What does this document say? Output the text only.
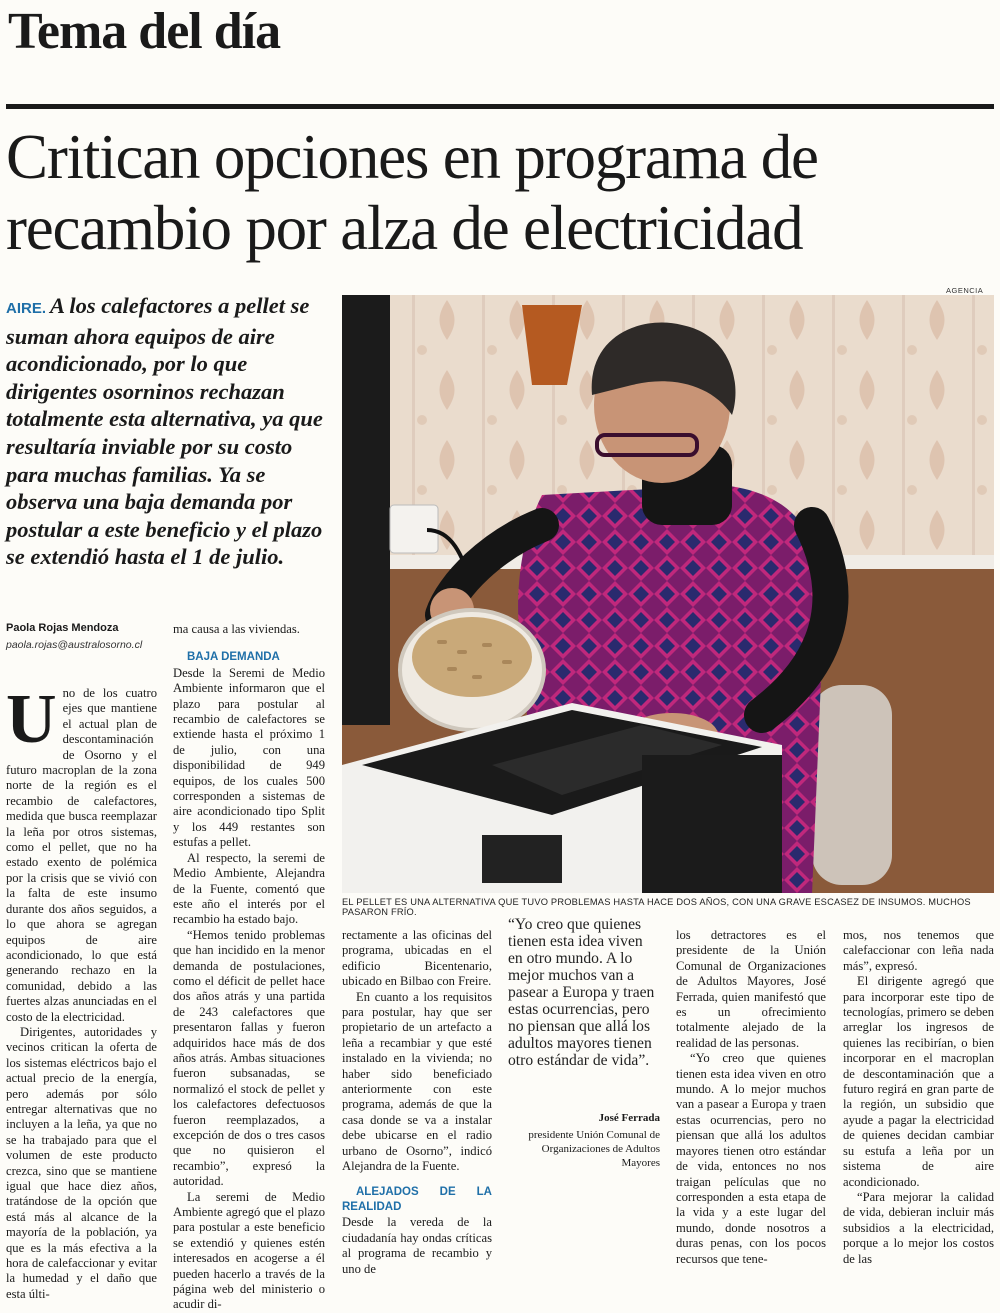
Tema del día
Critican opciones en programa de recambio por alza de electricidad
AIRE. A los calefactores a pellet se suman ahora equipos de aire acondicionado, por lo que dirigentes osorninos rechazan totalmente esta alternativa, ya que resultaría inviable por su costo para muchas familias. Ya se observa una baja demanda por postular a este beneficio y el plazo se extendió hasta el 1 de julio.
Paola Rojas Mendoza
paola.rojas@australosorno.cl

Uno de los cuatro ejes que mantiene el actual plan de descontaminación de Osorno y el futuro macroplan de la zona norte de la región es el recambio de calefactores, medida que busca reemplazar la leña por otros sistemas, como el pellet, que no ha estado exento de polémica por la crisis que se vivió con la falta de este insumo durante dos años seguidos, a lo que ahora se agregan equipos de aire acondicionado, lo que está generando rechazo en la comunidad, debido a las fuertes alzas anunciadas en el costo de la electricidad.

Dirigentes, autoridades y vecinos critican la oferta de los sistemas eléctricos bajo el actual precio de la energía, pero además por sólo entregar alternativas que no incluyen a la leña, ya que no se ha trabajado para que el volumen de este producto crezca, sino que se mantiene igual que hace diez años, tratándose de la opción que está más al alcance de la mayoría de la población, ya que es la más efectiva a la hora de calefaccionar y evitar la humedad y el daño que esta últi-

ma causa a las viviendas.

BAJA DEMANDA

Desde la Seremi de Medio Ambiente informaron que el plazo para postular al recambio de calefactores se extiende hasta el próximo 1 de julio, con una disponibilidad de 949 equipos, de los cuales 500 corresponden a sistemas de aire acondicionado tipo Split y los 449 restantes son estufas a pellet.

Al respecto, la seremi de Medio Ambiente, Alejandra de la Fuente, comentó que este año el interés por el recambio ha estado bajo.

“Hemos tenido problemas que han incidido en la menor demanda de postulaciones, como el déficit de pellet hace dos años atrás y una partida de 243 calefactores que presentaron fallas y fueron adquiridos hace más de dos años atrás. Ambas situaciones fueron subsanadas, se normalizó el stock de pellet y los calefactores defectuosos fueron reemplazados, a excepción de dos o tres casos que no quisieron el recambio”, expresó la autoridad.

La seremi de Medio Ambiente agregó que el plazo para postular a este beneficio se extendió y quienes estén interesados en acogerse a él pueden hacerlo a través de la página web del ministerio o acudir di-

AGENCIA
EL PELLET ES UNA ALTERNATIVA QUE TUVO PROBLEMAS HASTA HACE DOS AÑOS, CON UNA GRAVE ESCASEZ DE INSUMOS. MUCHOS PASARON FRÍO.

rectamente a las oficinas del programa, ubicadas en el edificio Bicentenario, ubicado en Bilbao con Freire.

En cuanto a los requisitos para postular, hay que ser propietario de un artefacto a leña a recambiar y que esté instalado en la vivienda; no haber sido beneficiado anteriormente con este programa, además de que la casa donde se va a instalar debe ubicarse en el radio urbano de Osorno”, indicó Alejandra de la Fuente.

ALEJADOS DE LA REALIDAD

Desde la vereda de la ciudadanía hay ondas críticas al programa de recambio y uno de

“Yo creo que quienes tienen esta idea viven en otro mundo. A lo mejor muchos van a pasear a Europa y traen estas ocurrencias, pero no piensan que allá los adultos mayores tienen otro estándar de vida”.

José Ferrada
presidente Unión Comunal de Organizaciones de Adultos Mayores

los detractores es el presidente de la Unión Comunal de Organizaciones de Adultos Mayores, José Ferrada, quien manifestó que es un ofrecimiento totalmente alejado de la realidad de las personas.

“Yo creo que quienes tienen esta idea viven en otro mundo. A lo mejor muchos van a pasear a Europa y traen estas ocurrencias, pero no piensan que allá los adultos mayores tienen otro estándar de vida, entonces no nos traigan películas que no corresponden a esta etapa de la vida y a este lugar del mundo, donde nosotros a duras penas, con los pocos recursos que tene-

mos, nos tenemos que calefaccionar con leña nada más”, expresó.

El dirigente agregó que para incorporar este tipo de tecnologías, primero se deben arreglar los ingresos de quienes las recibirían, o bien incorporar en el macroplan de descontaminación que a futuro regirá en gran parte de la región, un subsidio que ayude a pagar la electricidad de quienes decidan cambiar su estufa a leña por un sistema de aire acondicionado.

“Para mejorar la calidad de vida, debieran incluir más subsidios a la electricidad, porque a lo mejor los costos de las
